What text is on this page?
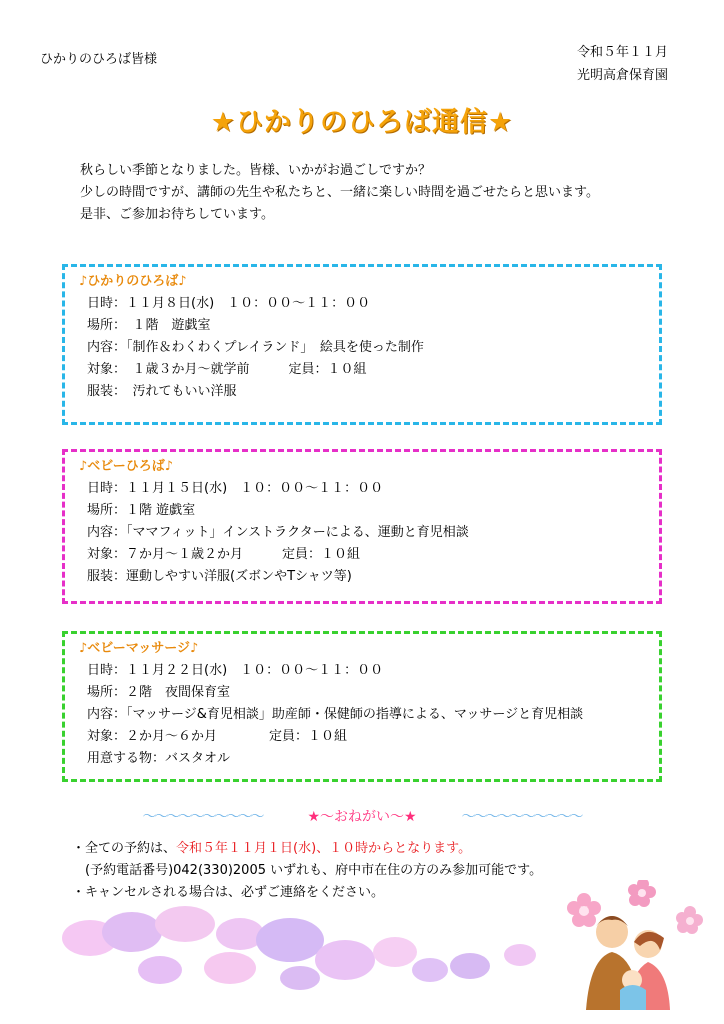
ひかりのひろば皆様	令和５年１１月
光明高倉保育園
★ひかりのひろば通信★
秋らしい季節となりました。皆様、いかがお過ごしですか？
少しの時間ですが、講師の先生や私たちと、一緒に楽しい時間を過ごせたらと思います。
是非、ご参加お待ちしています。
♪ひかりのひろば♪
日時：１１月８日(水)　１０：００～１１：００
場所：　１階　遊戯室
内容：「制作＆わくわくプレイランド」　絵具を使った制作
対象：　１歳３か月～就学前　　　定員：１０組
服装：　汚れてもいい洋服
♪ベビーひろば♪
日時：１１月１５日(水)　１０：００～１１：００
場所：１階 遊戯室
内容：「ママフィット」インストラクターによる、運動と育児相談
対象：７か月～１歳２か月　　　定員：１０組
服装：運動しやすい洋服(ズボンやTシャツ等)
♪ベビーマッサージ♪
日時：１１月２２日(水)　１０：００～１１：００
場所：２階　夜間保育室
内容：「マッサージ&育児相談」助産師・保健師の指導による、マッサージと育児相談
対象：２か月～６か月　　　　定員：１０組
用意する物：バスタオル
～～～～～～～～～～	★～おねがい～★	～～～～～～～～～～
・全ての予約は、令和５年１１月１日(水)、１０時からとなります。
　(予約電話番号)042(330)2005 いずれも、府中市在住の方のみ参加可能です。
・キャンセルされる場合は、必ずご連絡をください。
